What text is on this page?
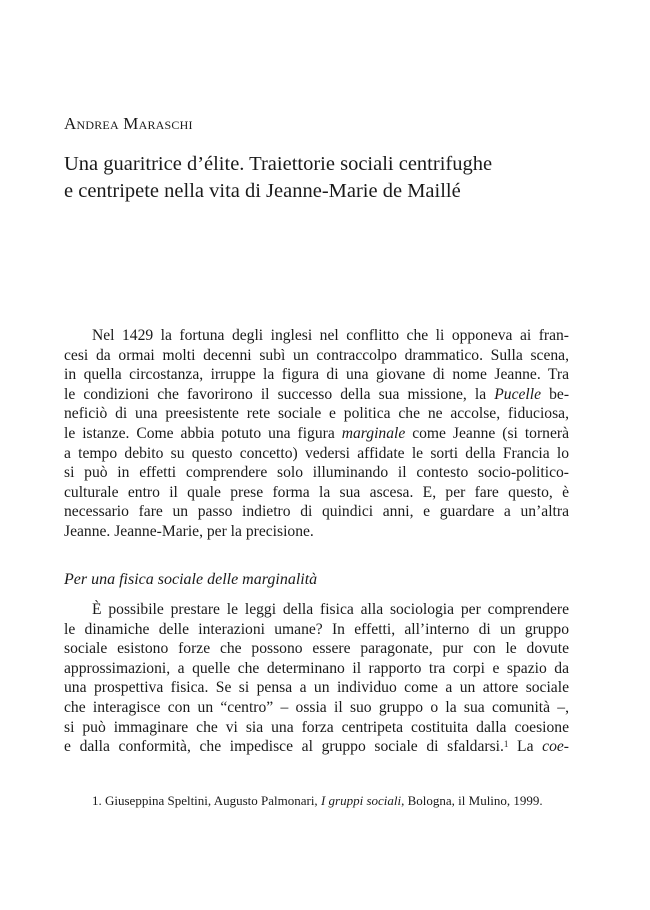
Andrea Maraschi
Una guaritrice d’élite. Traiettorie sociali centrifughe
e centripete nella vita di Jeanne-Marie de Maillé
Nel 1429 la fortuna degli inglesi nel conflitto che li opponeva ai fran-
cesi da ormai molti decenni subì un contraccolpo drammatico. Sulla scena,
in quella circostanza, irruppe la figura di una giovane di nome Jeanne. Tra
le condizioni che favorirono il successo della sua missione, la Pucelle be-
neficiò di una preesistente rete sociale e politica che ne accolse, fiduciosa,
le istanze. Come abbia potuto una figura marginale come Jeanne (si tornerà
a tempo debito su questo concetto) vedersi affidate le sorti della Francia lo
si può in effetti comprendere solo illuminando il contesto socio-politico-
culturale entro il quale prese forma la sua ascesa. E, per fare questo, è
necessario fare un passo indietro di quindici anni, e guardare a un’altra
Jeanne. Jeanne-Marie, per la precisione.
Per una fisica sociale delle marginalità
È possibile prestare le leggi della fisica alla sociologia per comprendere
le dinamiche delle interazioni umane? In effetti, all’interno di un gruppo
sociale esistono forze che possono essere paragonate, pur con le dovute
approssimazioni, a quelle che determinano il rapporto tra corpi e spazio da
una prospettiva fisica. Se si pensa a un individuo come a un attore sociale
che interagisce con un “centro” – ossia il suo gruppo o la sua comunità –,
si può immaginare che vi sia una forza centripeta costituita dalla coesione
e dalla conformità, che impedisce al gruppo sociale di sfaldarsi.$^1$ La coe-

1. Giuseppina Speltini, Augusto Palmonari, I gruppi sociali, Bologna, il Mulino, 1999.
